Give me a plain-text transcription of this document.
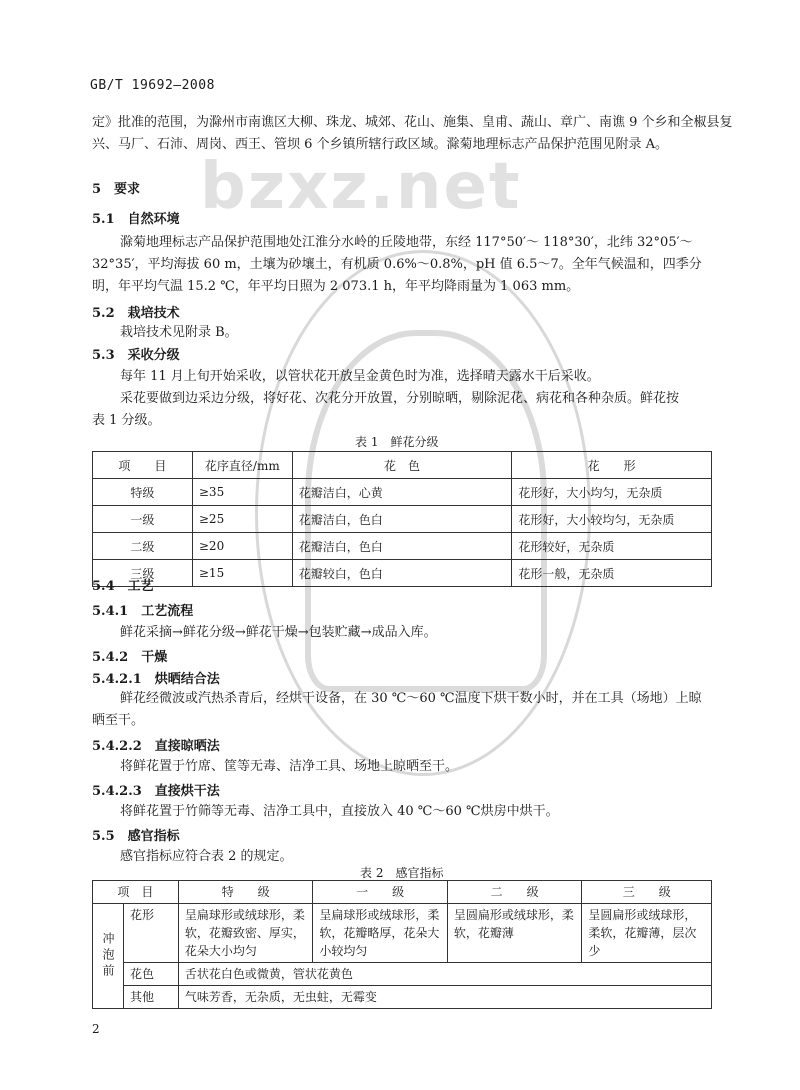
bzxz.net
GB/T 19692—2008
定》批准的范围，为滁州市南谯区大柳、珠龙、城郊、花山、施集、皇甫、蔬山、章广、南谯 9 个乡和全椒县复
兴、马厂、石沛、周岗、西王、管坝 6 个乡镇所辖行政区域。滁菊地理标志产品保护范围见附录 A。
5　要求
5.1　自然环境
滁菊地理标志产品保护范围地处江淮分水岭的丘陵地带，东经 117°50′～ 118°30′，北纬 32°05′～
32°35′，平均海拔 60 m，土壤为砂壤土，有机质 0.6%～0.8%，pH 值 6.5～7。全年气候温和，四季分
明，年平均气温 15.2 ℃，年平均日照为 2 073.1 h，年平均降雨量为 1 063 mm。
5.2　栽培技术
栽培技术见附录 B。
5.3　采收分级
每年 11 月上旬开始采收，以管状花开放呈金黄色时为准，选择晴天露水干后采收。
采花要做到边采边分级，将好花、次花分开放置，分别晾晒，剔除泥花、病花和各种杂质。鲜花按
表 1 分级。
表 1　鲜花分级
项　　目	花序直径/mm	花　色	花　　形
特级	≥35	花瓣洁白，心黄	花形好，大小均匀，无杂质
一级	≥25	花瓣洁白，色白	花形好，大小较均匀，无杂质
二级	≥20	花瓣洁白，色白	花形较好，无杂质
三级	≥15	花瓣较白，色白	花形一般，无杂质
5.4　工艺
5.4.1　工艺流程
鲜花采摘→鲜花分级→鲜花干燥→包装贮藏→成品入库。
5.4.2　干燥
5.4.2.1　烘晒结合法
鲜花经微波或汽热杀青后，经烘干设备，在 30 ℃～60 ℃温度下烘干数小时，并在工具（场地）上晾
晒至干。
5.4.2.2　直接晾晒法
将鲜花置于竹席、筐等无毒、洁净工具、场地上晾晒至干。
5.4.2.3　直接烘干法
将鲜花置于竹筛等无毒、洁净工具中，直接放入 40 ℃～60 ℃烘房中烘干。
5.5　感官指标
感官指标应符合表 2 的规定。
表 2　感官指标
项　目		特　　级	一　　级	二　　级	三　　级
冲泡前	花形	呈扁球形或绒球形，柔软，花瓣致密、厚实，花朵大小均匀	呈扁球形或绒球形，柔软，花瓣略厚，花朵大小较均匀	呈圆扁形或绒球形，柔软，花瓣薄	呈圆扁形或绒球形，柔软，花瓣薄，层次少
	花色	舌状花白色或微黄，管状花黄色			
	其他	气味芳香，无杂质，无虫蛀，无霉变			
2
